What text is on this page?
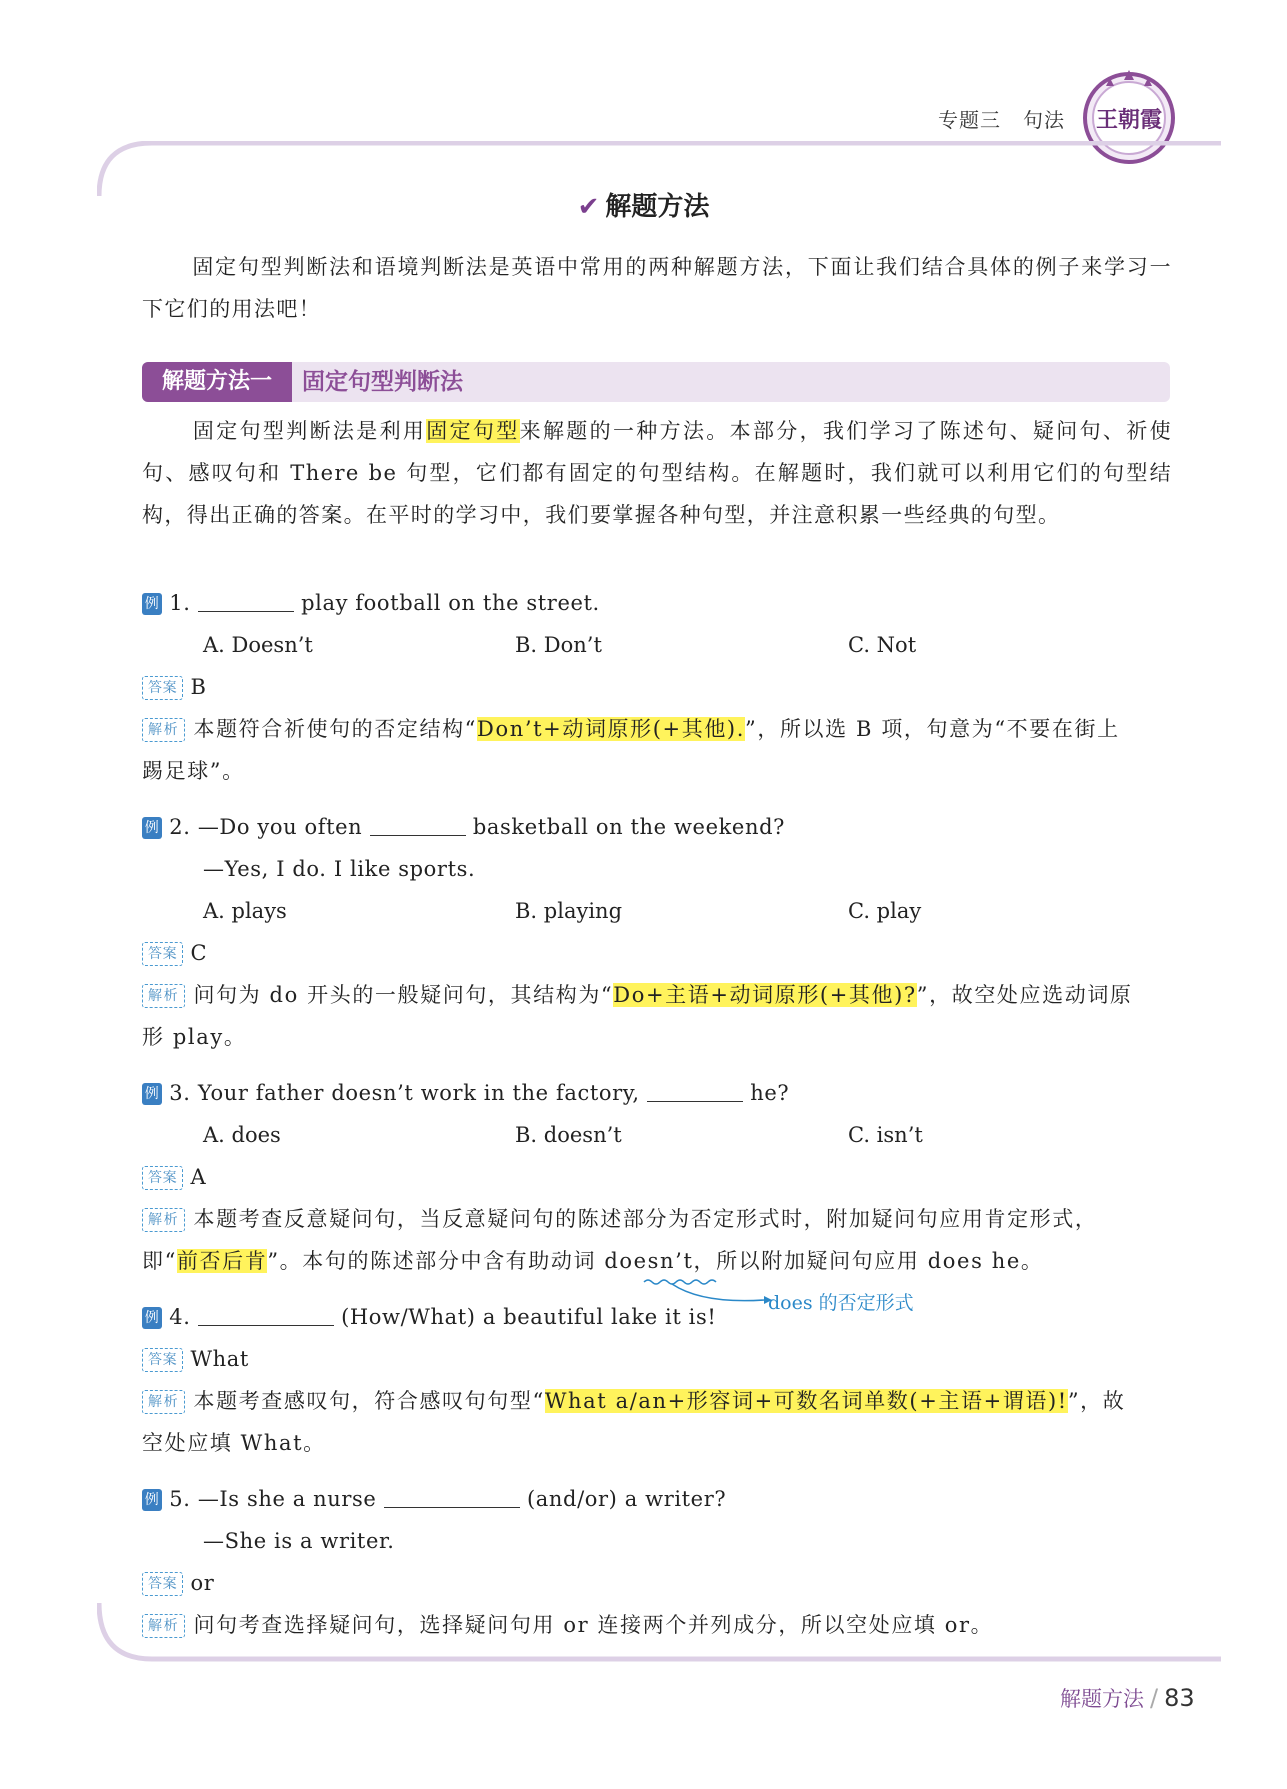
专题三 句法 王朝霞
✔ 解题方法
固定句型判断法和语境判断法是英语中常用的两种解题方法，下面让我们结合具体的例子来学习一下它们的用法吧！
解题方法一	固定句型判断法
固定句型判断法是利用固定句型来解题的一种方法。本部分，我们学习了陈述句、疑问句、祈使句、感叹句和 There be 句型，它们都有固定的句型结构。在解题时，我们就可以利用它们的句型结构，得出正确的答案。在平时的学习中，我们要掌握各种句型，并注意积累一些经典的句型。
例 1.	play football on the street.
A. Doesn’t	B. Don’t	C. Not
答案 B
解析 本题符合祈使句的否定结构“Don’t+动词原形(+其他).”，所以选 B 项，句意为“不要在街上
踢足球”。
例 2. —Do you often	basketball on the weekend?
—Yes, I do. I like sports.
A. plays	B. playing	C. play
答案 C
解析 问句为 do 开头的一般疑问句，其结构为“Do+主语+动词原形(+其他)?”，故空处应选动词原
形 play。
例 3. Your father doesn’t work in the factory,	he?
A. does	B. doesn’t	C. isn’t
答案 A
解析 本题考查反意疑问句，当反意疑问句的陈述部分为否定形式时，附加疑问句应用肯定形式，
即“前否后肯”。本句的陈述部分中含有助动词 doesn’t，所以附加疑问句应用 does he。
does 的否定形式
例 4.	(How/What) a beautiful lake it is!
答案 What
解析 本题考查感叹句，符合感叹句句型“What a/an+形容词+可数名词单数(+主语+谓语)!”，故
空处应填 What。
例 5. —Is she a nurse	(and/or) a writer?
—She is a writer.
答案 or
解析 问句考查选择疑问句，选择疑问句用 or 连接两个并列成分，所以空处应填 or。
解题方法 / 83
